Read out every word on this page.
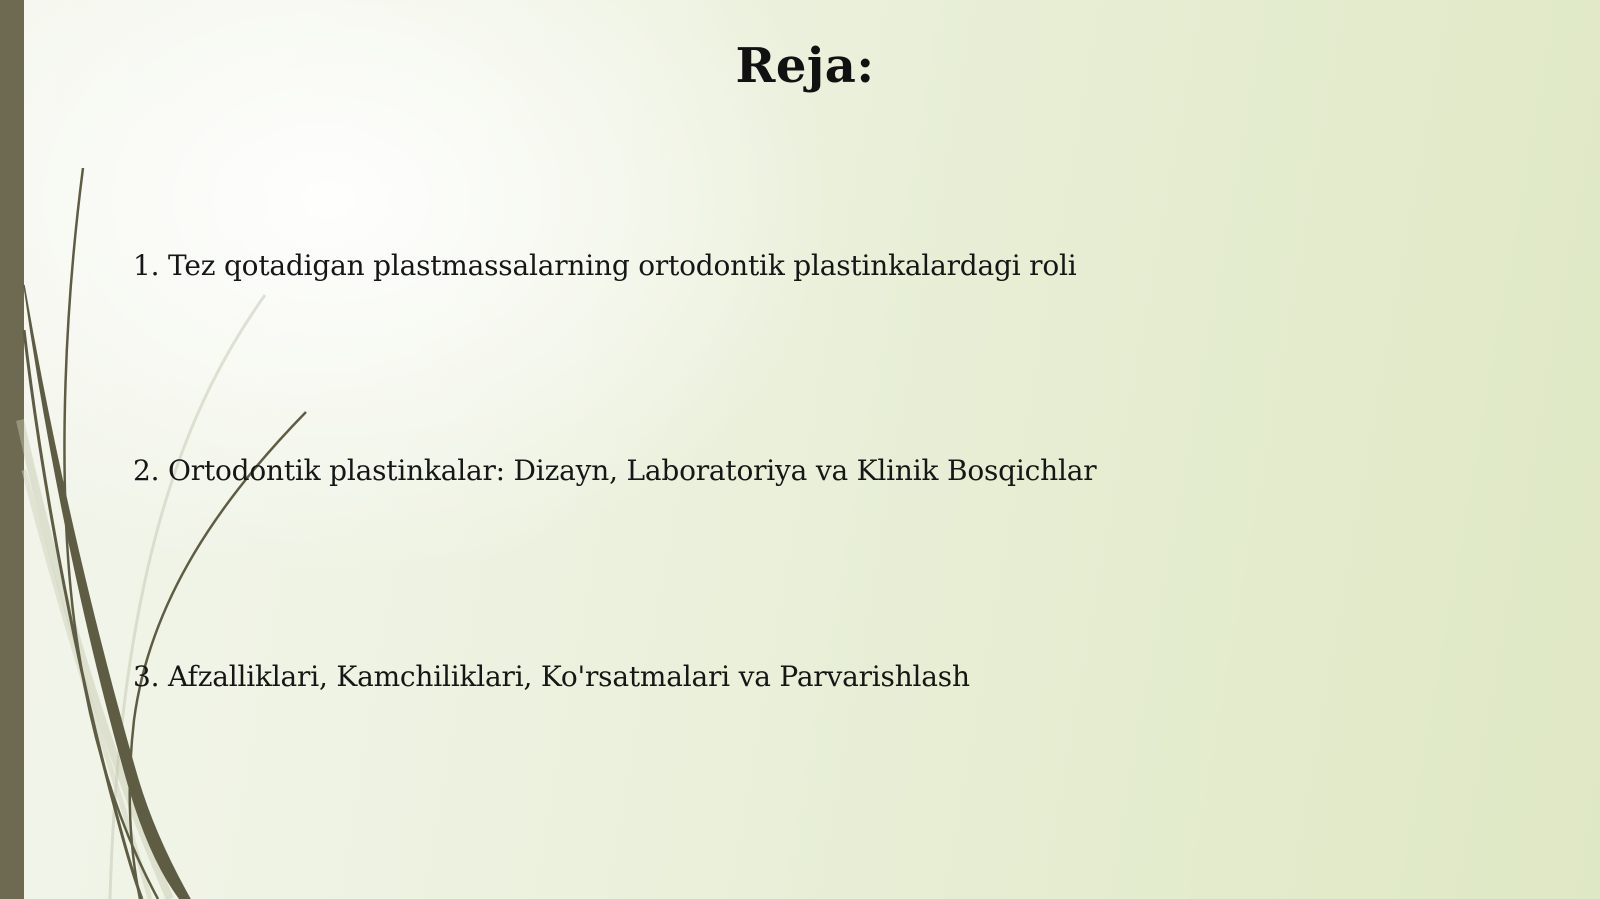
Reja:

1. Tez qotadigan plastmassalarning ortodontik plastinkalardagi roli

2. Ortodontik plastinkalar: Dizayn, Laboratoriya va Klinik Bosqichlar

3. Afzalliklari, Kamchiliklari, Ko'rsatmalari va Parvarishlash
